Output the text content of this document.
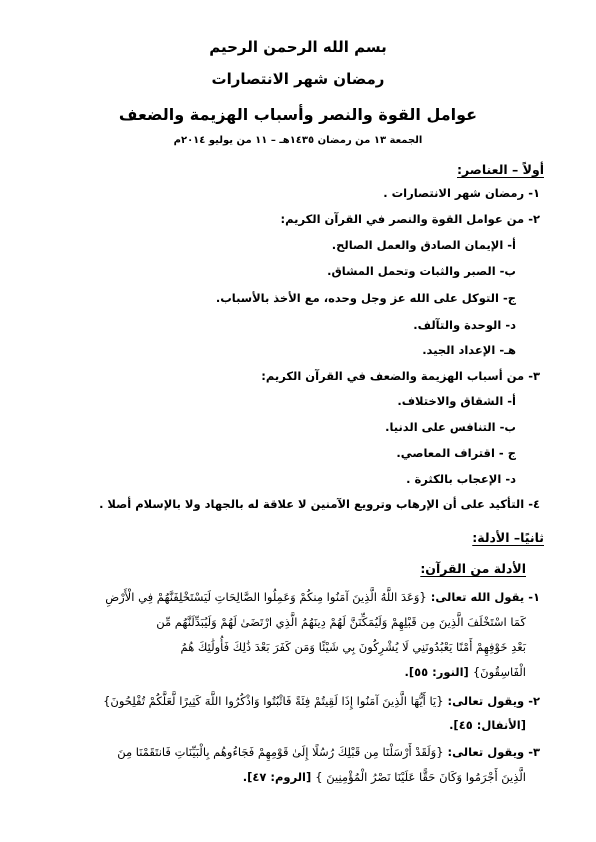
بسم الله الرحمن الرحيم
رمضان شهر الانتصارات
عوامل القوة والنصر وأسباب الهزيمة والضعف
الجمعة ١٣ من رمضان ١٤٣٥هـ – ١١ من يوليو ٢٠١٤م
أولاً – العناصر:
١- رمضان شهر الانتصارات .
٢- من عوامل القوة والنصر في القرآن الكريم:
أ- الإيمان الصادق والعمل الصالح.
ب- الصبر والثبات وتحمل المشاق.
ج- التوكل على الله عز وجل وحده، مع الأخذ بالأسباب.
د- الوحدة والتآلف.
هـ- الإعداد الجيد.
٣- من أسباب الهزيمة والضعف في القرآن الكريم:
أ- الشقاق والاختلاف.
ب- التنافس على الدنيا.
ج - اقتراف المعاصي.
د- الإعجاب بالكثرة .
٤- التأكيد على أن الإرهاب وترويع الآمنين لا علاقة له بالجهاد ولا بالإسلام أصلا .
ثانيًا– الأدلة:
الأدلة من القرآن:
١- يقول الله تعالى: {وَعَدَ اللَّهُ الَّذِينَ آمَنُوا مِنكُمْ وَعَمِلُوا الصَّالِحَاتِ لَيَسْتَخْلِفَنَّهُمْ فِي الْأَرْضِ
كَمَا اسْتَخْلَفَ الَّذِينَ مِن قَبْلِهِمْ وَلَيُمَكِّنَنَّ لَهُمْ دِينَهُمُ الَّذِي ارْتَضَىٰ لَهُمْ وَلَيُبَدِّلَنَّهُم مِّن
بَعْدِ خَوْفِهِمْ أَمْنًا يَعْبُدُونَنِي لَا يُشْرِكُونَ بِي شَيْئًا وَمَن كَفَرَ بَعْدَ ذَٰلِكَ فَأُولَٰئِكَ هُمُ
الْفَاسِقُونَ} [النور: ٥٥].
٢- ويقول تعالى: {يَا أَيُّهَا الَّذِينَ آمَنُوا إِذَا لَقِيتُمْ فِئَةً فَاثْبُتُوا وَاذْكُرُوا اللَّهَ كَثِيرًا لَّعَلَّكُمْ تُفْلِحُونَ}
[الأنفال: ٤٥].
٣- ويقول تعالى: {وَلَقَدْ أَرْسَلْنَا مِن قَبْلِكَ رُسُلًا إِلَىٰ قَوْمِهِمْ فَجَاءُوهُم بِالْبَيِّنَاتِ فَانتَقَمْنَا مِنَ
الَّذِينَ أَجْرَمُوا وَكَانَ حَقًّا عَلَيْنَا نَصْرُ الْمُؤْمِنِينَ } [الروم: ٤٧].
